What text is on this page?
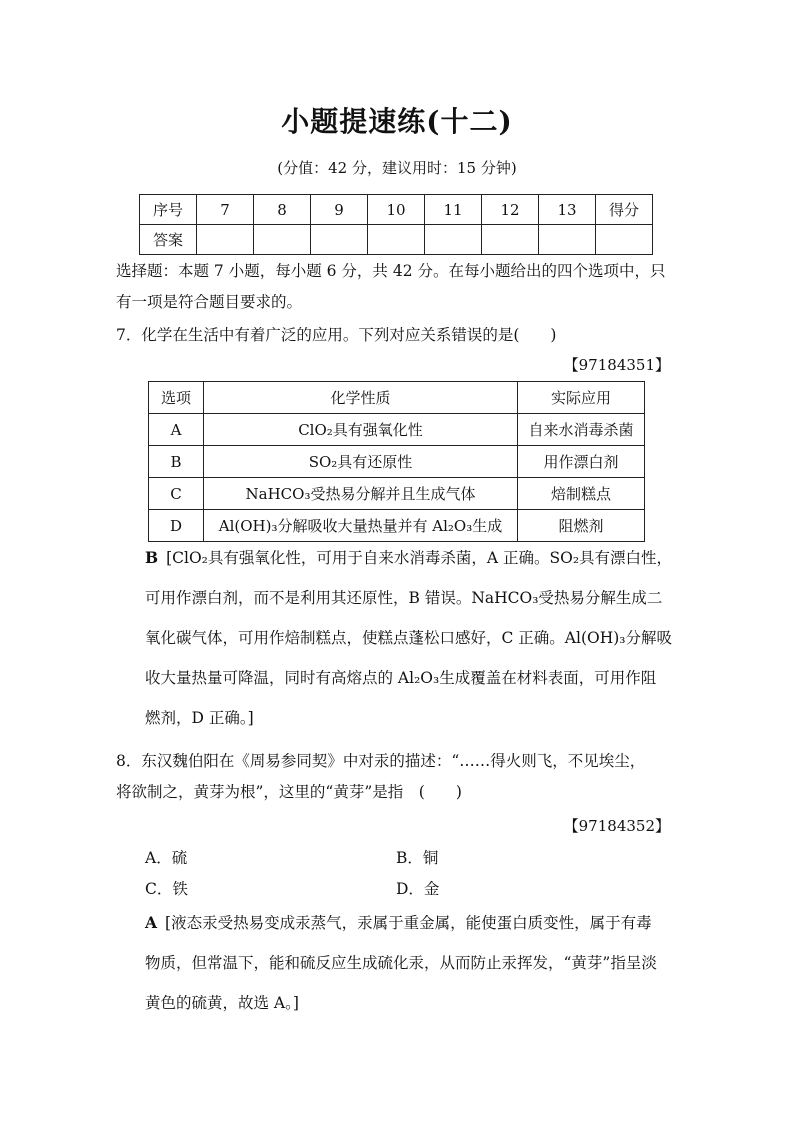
小题提速练(十二)
(分值：42 分，建议用时：15 分钟)
序号	7	8	9	10	11	12	13	得分
答案								
选择题：本题 7 小题，每小题 6 分，共 42 分。在每小题给出的四个选项中，只
有一项是符合题目要求的。
7．化学在生活中有着广泛的应用。下列对应关系错误的是(　　)
【97184351】
选项	化学性质	实际应用
A	ClO₂具有强氧化性	自来水消毒杀菌
B	SO₂具有还原性	用作漂白剂
C	NaHCO₃受热易分解并且生成气体	焙制糕点
D	Al(OH)₃分解吸收大量热量并有 Al₂O₃生成	阻燃剂
B [ClO₂具有强氧化性，可用于自来水消毒杀菌，A 正确。SO₂具有漂白性，
可用作漂白剂，而不是利用其还原性，B 错误。NaHCO₃受热易分解生成二
氧化碳气体，可用作焙制糕点，使糕点蓬松口感好，C 正确。Al(OH)₃分解吸
收大量热量可降温，同时有高熔点的 Al₂O₃生成覆盖在材料表面，可用作阻
燃剂，D 正确。]
8．东汉魏伯阳在《周易参同契》中对汞的描述：“……得火则飞，不见埃尘，
将欲制之，黄芽为根”，这里的“黄芽”是指　(　　)
【97184352】
A．硫	B．铜
C．铁	D．金
A [液态汞受热易变成汞蒸气，汞属于重金属，能使蛋白质变性，属于有毒
物质，但常温下，能和硫反应生成硫化汞，从而防止汞挥发，“黄芽”指呈淡
黄色的硫黄，故选 A。]
